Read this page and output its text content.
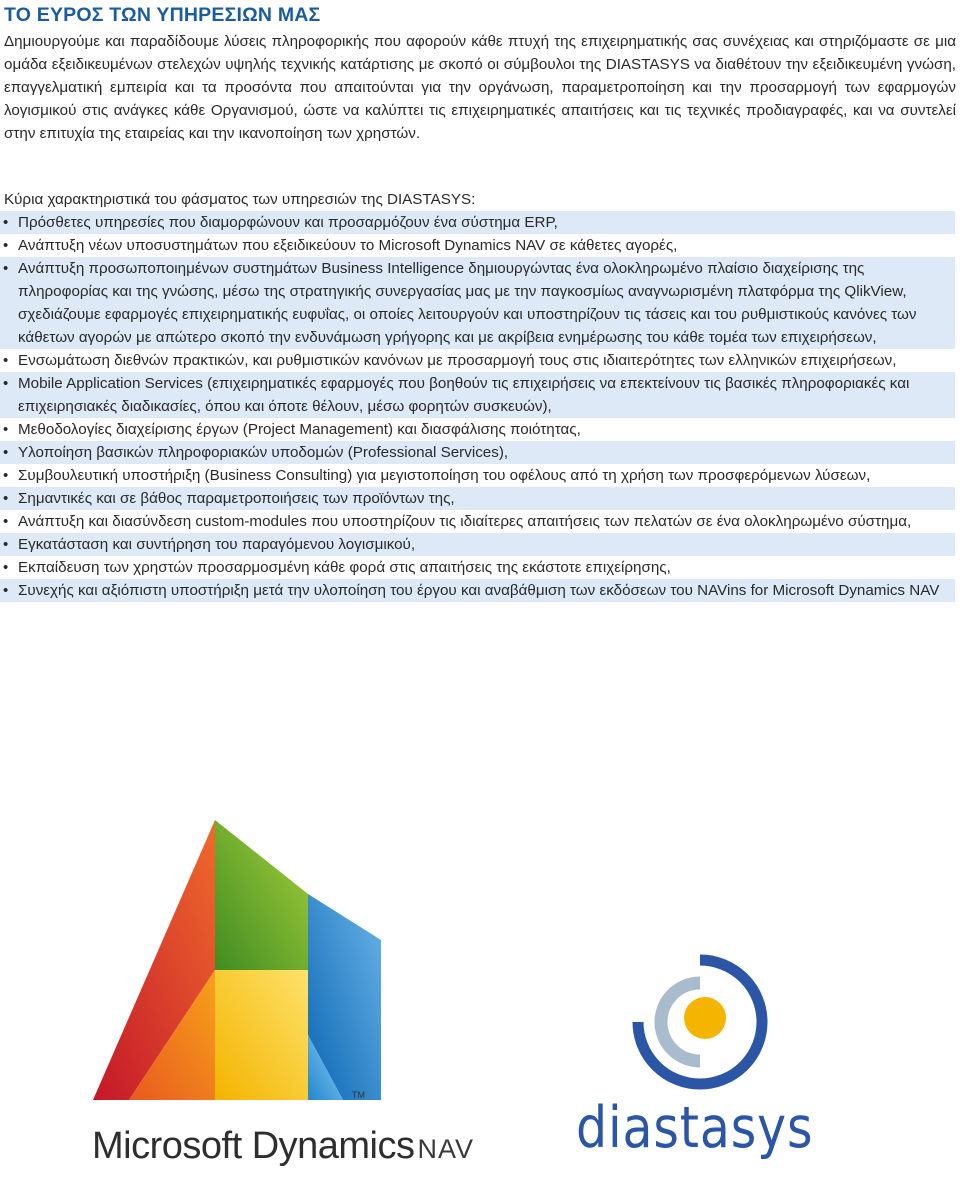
ΤΟ ΕΥΡΟΣ ΤΩΝ ΥΠΗΡΕΣΙΩΝ ΜΑΣ

Δημιουργούμε και παραδίδουμε λύσεις πληροφορικής που αφορούν κάθε πτυχή της επιχειρηματικής σας συνέχειας και στηριζόμαστε σε μια ομάδα εξειδικευμένων στελεχών υψηλής τεχνικής κατάρτισης με σκοπό οι σύμβουλοι της DIASTASYS να διαθέτουν την εξειδικευμένη γνώση, επαγγελματική εμπειρία και τα προσόντα που απαιτούνται για την οργάνωση, παραμετροποίηση και την προσαρμογή των εφαρμογών λογισμικού στις ανάγκες κάθε Οργανισμού, ώστε να καλύπτει τις επιχειρηματικές απαιτήσεις και τις τεχνικές προδιαγραφές, και να συντελεί στην επιτυχία της εταιρείας και την ικανοποίηση των χρηστών.

Κύρια χαρακτηριστικά του φάσματος των υπηρεσιών της DIASTASYS:

• Πρόσθετες υπηρεσίες που διαμορφώνουν και προσαρμόζουν ένα σύστημα ERP,
• Ανάπτυξη νέων υποσυστημάτων που εξειδικεύουν το Microsoft Dynamics NAV σε κάθετες αγορές,
• Ανάπτυξη προσωποποιημένων συστημάτων Business Intelligence δημιουργώντας ένα ολοκληρωμένο πλαίσιο διαχείρισης της πληροφορίας και της γνώσης, μέσω της στρατηγικής συνεργασίας μας με την παγκοσμίως αναγνωρισμένη πλατφόρμα της QlikView, σχεδιάζουμε εφαρμογές επιχειρηματικής ευφυΐας, οι οποίες λειτουργούν και υποστηρίζουν τις τάσεις και του ρυθμιστικούς κανόνες των κάθετων αγορών με απώτερο σκοπό την ενδυνάμωση γρήγορης και με ακρίβεια ενημέρωσης του κάθε τομέα των επιχειρήσεων,
• Ενσωμάτωση διεθνών πρακτικών, και ρυθμιστικών κανόνων με προσαρμογή τους στις ιδιαιτερότητες των ελληνικών επιχειρήσεων,
• Mobile Application Services (επιχειρηματικές εφαρμογές που βοηθούν τις επιχειρήσεις να επεκτείνουν τις βασικές πληροφοριακές και επιχειρησιακές διαδικασίες, όπου και όποτε θέλουν, μέσω φορητών συσκευών),
• Μεθοδολογίες διαχείρισης έργων (Project Management) και διασφάλισης ποιότητας,
• Υλοποίηση βασικών πληροφοριακών υποδομών (Professional Services),
• Συμβουλευτική υποστήριξη (Business Consulting) για μεγιστοποίηση του οφέλους από τη χρήση των προσφερόμενων λύσεων,
• Σημαντικές και σε βάθος παραμετροποιήσεις των προϊόντων της,
• Ανάπτυξη και διασύνδεση custom-modules που υποστηρίζουν τις ιδιαίτερες απαιτήσεις των πελατών σε ένα ολοκληρωμένο σύστημα,
• Εγκατάσταση και συντήρηση του παραγόμενου λογισμικού,
• Εκπαίδευση των χρηστών προσαρμοσμένη κάθε φορά στις απαιτήσεις της εκάστοτε επιχείρησης,
• Συνεχής και αξιόπιστη υποστήριξη μετά την υλοποίηση του έργου και αναβάθμιση των εκδόσεων του NAVins for Microsoft Dynamics NAV
TM
Microsoft Dynamics NAV diastasys
